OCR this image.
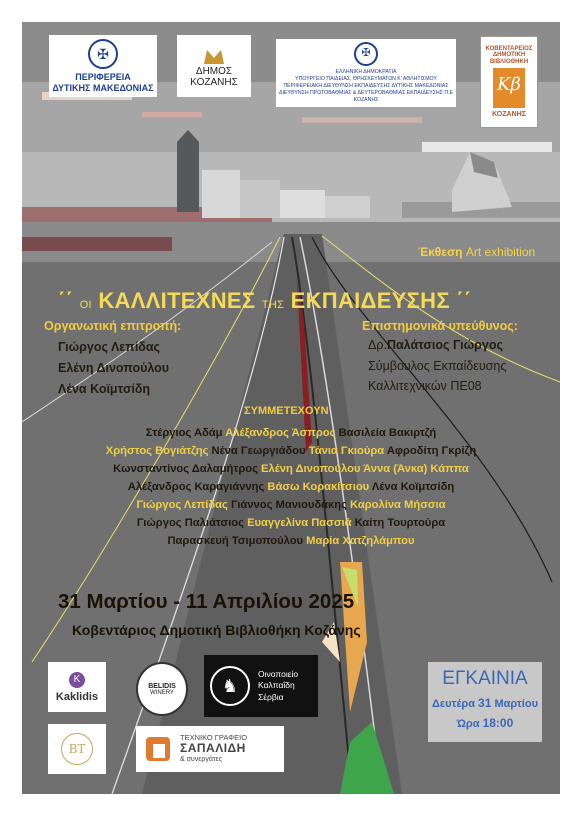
✠
ΠΕΡΙΦΕΡΕΙΑ
ΔΥΤΙΚΗΣ ΜΑΚΕΔΟΝΙΑΣ
ΔΗΜΟΣ
ΚΟΖΑΝΗΣ
✠
ΕΛΛΗΝΙΚΗ ΔΗΜΟΚΡΑΤΙΑ
ΥΠΟΥΡΓΕΙΟ ΠΑΙΔΕΙΑΣ, ΘΡΗΣΚΕΥΜΑΤΩΝ Κ' ΑΘΛΗΤΙΣΜΟΥ
ΠΕΡΙΦΕΡΕΙΑΚΗ ΔΙΕΥΘΥΝΣΗ ΕΚΠΑΙΔΕΥΣΗΣ ΔΥΤΙΚΗΣ ΜΑΚΕΔΟΝΙΑΣ
ΔΙΕΥΘΥΝΣΗ ΠΡΩΤΟΒΑΘΜΙΑΣ & ΔΕΥΤΕΡΟΒΑΘΜΙΑΣ ΕΚΠΑΙΔΕΥΣΗΣ Π.Ε
ΚΟΖΑΝΗΣ
ΚΟΒΕΝΤΑΡΕΙΟΣ
ΔΗΜΟΤΙΚΗ
ΒΙΒΛΙΟΘΗΚΗ
Κβ
ΚΟΖΑΝΗΣ
Έκθεση Art exhibition
΄΄ ΟΙ ΚΑΛΛΙΤΕΧΝΕΣ ΤΗΣ ΕΚΠΑΙΔΕΥΣΗΣ ΄΄
Οργανωτική επιτροπή:
Γιώργος Λεπίδας
Ελένη Δινοπούλου
Λένα Κοϊμτσίδη
Επιστημονικά υπεύθυνος:
Δρ.Παλάτσιος Γιώργος
Σύμβουλος Εκπαίδευσης
Καλλιτεχνικών ΠΕ08
ΣΥΜΜΕΤΕΧΟΥΝ
Στέργιος Αδάμ Αλέξανδρος Άσπρος Βασιλεία Βακιρτζή
Χρήστος Βογιάτζης Νένα Γεωργιάδου Τάνια Γκιούρα Αφροδίτη Γκρίζη
Κωνσταντίνος Δαλαμήτρος Ελένη Δινοπούλου Άννα (Άνκα) Κάππα
Αλέξανδρος Καραγιάννης Βάσω Κορακίτσιου Λένα Κοϊμτσίδη
Γιώργος Λεπίδας Γιάννος Μανιουδάκης Καρολίνα Μήσσια
Γιώργος Παλιάτσιος Ευαγγελίνα Πασσιά Καίτη Τουρτούρα
Παρασκευή Τσιμοπούλου Μαρία Χατζηλάμπου
31 Μαρτίου - 11 Απριλίου 2025
Κοβεντάριος Δημοτική Βιβλιοθήκη Κοζάνης
ΕΓΚΑΙΝΙΑ
Δευτέρα 31 Μαρτίου
Ώρα 18:00
K
Kaklidis
BELIDIS
WINERY	♞
Οινοποιείο
Καλπαΐδη
Σέρβια
BT
ΤΕΧΝΙΚΟ ΓΡΑΦΕΙΟ
ΣΑΠΑΛΙΔΗ
& συνεργάτες
